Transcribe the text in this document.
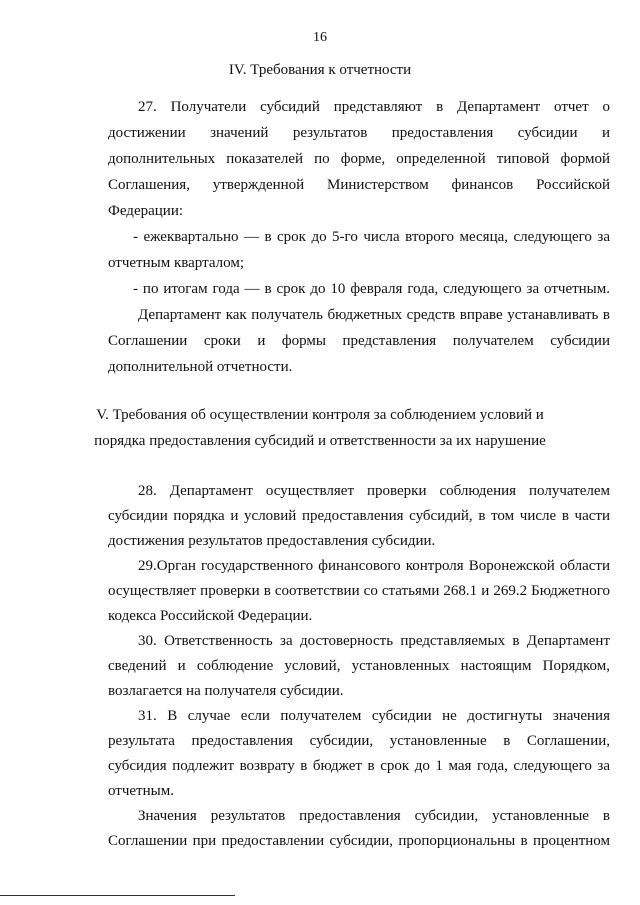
16
IV. Требования к отчетности
27. Получатели субсидий представляют в Департамент отчет о
достижении значений результатов предоставления субсидии и
дополнительных показателей по форме, определенной типовой формой
Соглашения, утвержденной Министерством финансов Российской
Федерации:
- ежеквартально — в срок до 5-го числа второго месяца, следующего за
отчетным кварталом;
- по итогам года — в срок до 10 февраля года, следующего за отчетным.
Департамент как получатель бюджетных средств вправе устанавливать в
Соглашении сроки и формы представления получателем субсидии
дополнительной отчетности.
V. Требования об осуществлении контроля за соблюдением условий и
порядка предоставления субсидий и ответственности за их нарушение
28. Департамент осуществляет проверки соблюдения получателем
субсидии порядка и условий предоставления субсидий, в том числе в части
достижения результатов предоставления субсидии.
29.Орган государственного финансового контроля Воронежской области
осуществляет проверки в соответствии со статьями 268.1 и 269.2 Бюджетного
кодекса Российской Федерации.
30. Ответственность за достоверность представляемых в Департамент
сведений и соблюдение условий, установленных настоящим Порядком,
возлагается на получателя субсидии.
31. В случае если получателем субсидии не достигнуты значения
результата предоставления субсидии, установленные в Соглашении,
субсидия подлежит возврату в бюджет в срок до 1 мая года, следующего за
отчетным.
Значения результатов предоставления субсидии, установленные в
Соглашении при предоставлении субсидии, пропорциональны в процентном
